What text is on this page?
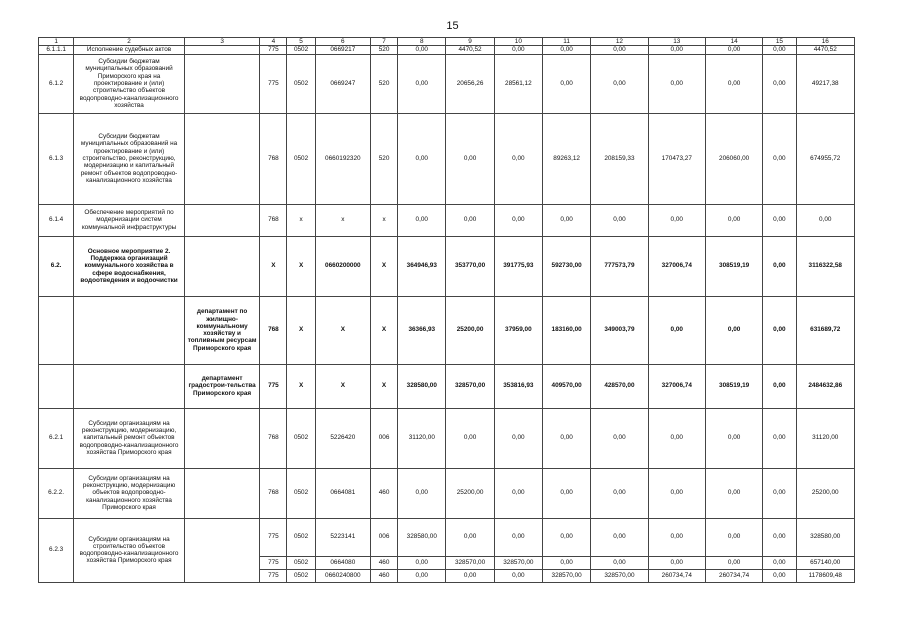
15
1	2	3	4	5	6	7	8	9	10	11	12	13	14	15	16
6.1.1.1	Исполнение судебных актов		775	0502	0669217	520	0,00	4470,52	0,00	0,00	0,00	0,00	0,00	0,00	4470,52
6.1.2	Субсидии бюджетам муниципальных образований Приморского края на проектирование и (или) строительство объектов водопроводно-канализационного хозяйства		775	0502	0669247	520	0,00	20656,26	28561,12	0,00	0,00	0,00	0,00	0,00	49217,38
6.1.3	Субсидии бюджетам муниципальных образований на проектирование и (или) строительство, реконструкцию, модернизацию и капитальный ремонт объектов водопроводно-канализационного хозяйства		768	0502	0660192320	520	0,00	0,00	0,00	89263,12	208159,33	170473,27	206060,00	0,00	674955,72
6.1.4	Обеспечение мероприятий по модернизации систем коммунальной инфраструктуры		768	х	х	х	0,00	0,00	0,00	0,00	0,00	0,00	0,00	0,00	0,00
6.2.	Основное мероприятие 2. Поддержка организаций коммунального хозяйства в сфере водоснабжения, водоотведения и водоочистки		Х	Х	0660200000	Х	364946,93	353770,00	391775,93	592730,00	777573,79	327006,74	308519,19	0,00	3116322,58
		департамент по жилищно-коммунальному хозяйству и топливным ресурсам Приморского края	768	Х	Х	Х	36366,93	25200,00	37959,00	183160,00	349003,79	0,00	0,00	0,00	631689,72
		департамент градострои-тельства Приморского края	775	Х	Х	Х	328580,00	328570,00	353816,93	409570,00	428570,00	327006,74	308519,19	0,00	2484632,86
6.2.1	Субсидии организациям на реконструкцию, модернизацию, капитальный ремонт объектов водопроводно-канализационного хозяйства Приморского края		768	0502	5226420	006	31120,00	0,00	0,00	0,00	0,00	0,00	0,00	0,00	31120,00
6.2.2.	Субсидии организациям на реконструкцию, модернизацию объектов водопроводно-канализационного хозяйства Приморского края		768	0502	0664081	460	0,00	25200,00	0,00	0,00	0,00	0,00	0,00	0,00	25200,00
6.2.3	Субсидии организациям на строительство объектов водопроводно-канализационного хозяйства Приморского края		775	0502	5223141	006	328580,00	0,00	0,00	0,00	0,00	0,00	0,00	0,00	328580,00
			775	0502	0664080	460	0,00	328570,00	328570,00	0,00	0,00	0,00	0,00	0,00	657140,00
			775	0502	0660240800	460	0,00	0,00	0,00	328570,00	328570,00	260734,74	260734,74	0,00	1178609,48
